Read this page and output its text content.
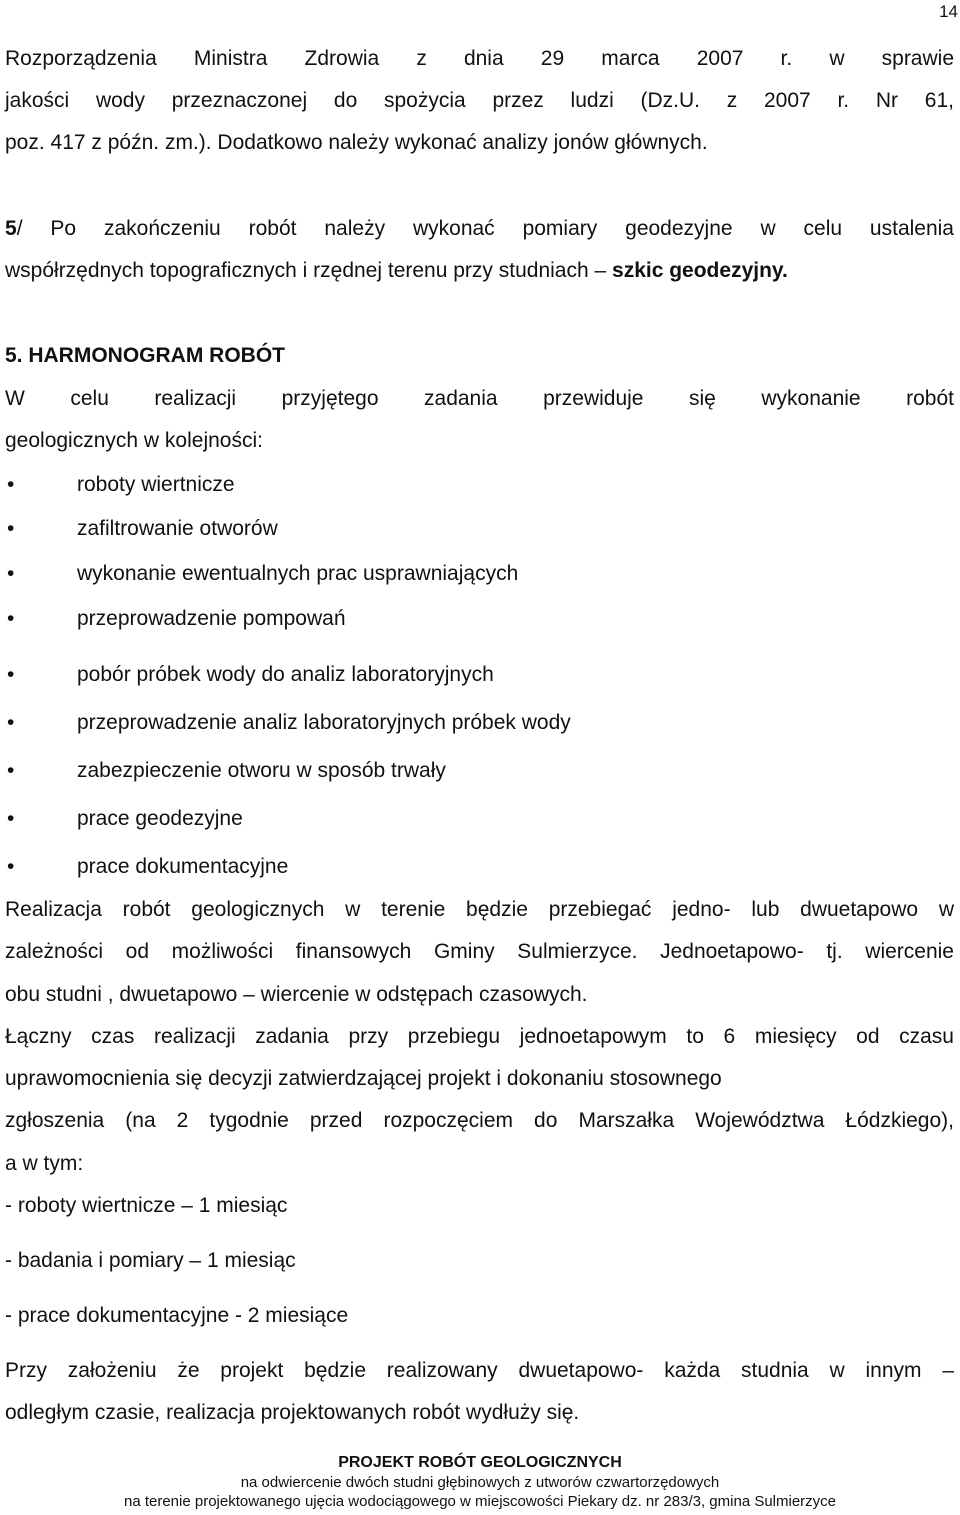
14
Rozporządzenia Ministra Zdrowia z dnia 29 marca 2007 r. w sprawie
jakości wody przeznaczonej do spożycia przez ludzi (Dz.U. z 2007 r. Nr 61,
poz. 417 z późn. zm.). Dodatkowo należy wykonać analizy jonów głównych.
5/ Po zakończeniu robót należy wykonać pomiary geodezyjne w celu ustalenia
współrzędnych topograficznych i rzędnej terenu przy studniach – szkic geodezyjny.
5. HARMONOGRAM ROBÓT
W celu realizacji przyjętego zadania przewiduje się wykonanie robót
geologicznych w kolejności:
•	roboty wiertnicze
•	zafiltrowanie otworów
•	wykonanie ewentualnych prac usprawniających
•	przeprowadzenie pompowań
•	pobór próbek wody do analiz laboratoryjnych
•	przeprowadzenie analiz laboratoryjnych próbek wody
•	zabezpieczenie otworu w sposób trwały
•	prace geodezyjne
•	prace dokumentacyjne
Realizacja robót geologicznych w terenie będzie przebiegać jedno- lub dwuetapowo w
zależności od możliwości finansowych Gminy Sulmierzyce. Jednoetapowo- tj. wiercenie
obu studni , dwuetapowo – wiercenie w odstępach czasowych.
Łączny czas realizacji zadania przy przebiegu jednoetapowym to 6 miesięcy od czasu
uprawomocnienia się decyzji zatwierdzającej projekt i dokonaniu stosownego
zgłoszenia (na 2 tygodnie przed rozpoczęciem do Marszałka Województwa Łódzkiego),
a w tym:
- roboty wiertnicze – 1 miesiąc
- badania i pomiary – 1 miesiąc
- prace dokumentacyjne - 2 miesiące
Przy założeniu że projekt będzie realizowany dwuetapowo- każda studnia w innym –
odległym czasie, realizacja projektowanych robót wydłuży się.
PROJEKT ROBÓT GEOLOGICZNYCH
na odwiercenie dwóch studni głębinowych z utworów czwartorzędowych
na terenie projektowanego ujęcia wodociągowego w miejscowości Piekary dz. nr 283/3, gmina Sulmierzyce
